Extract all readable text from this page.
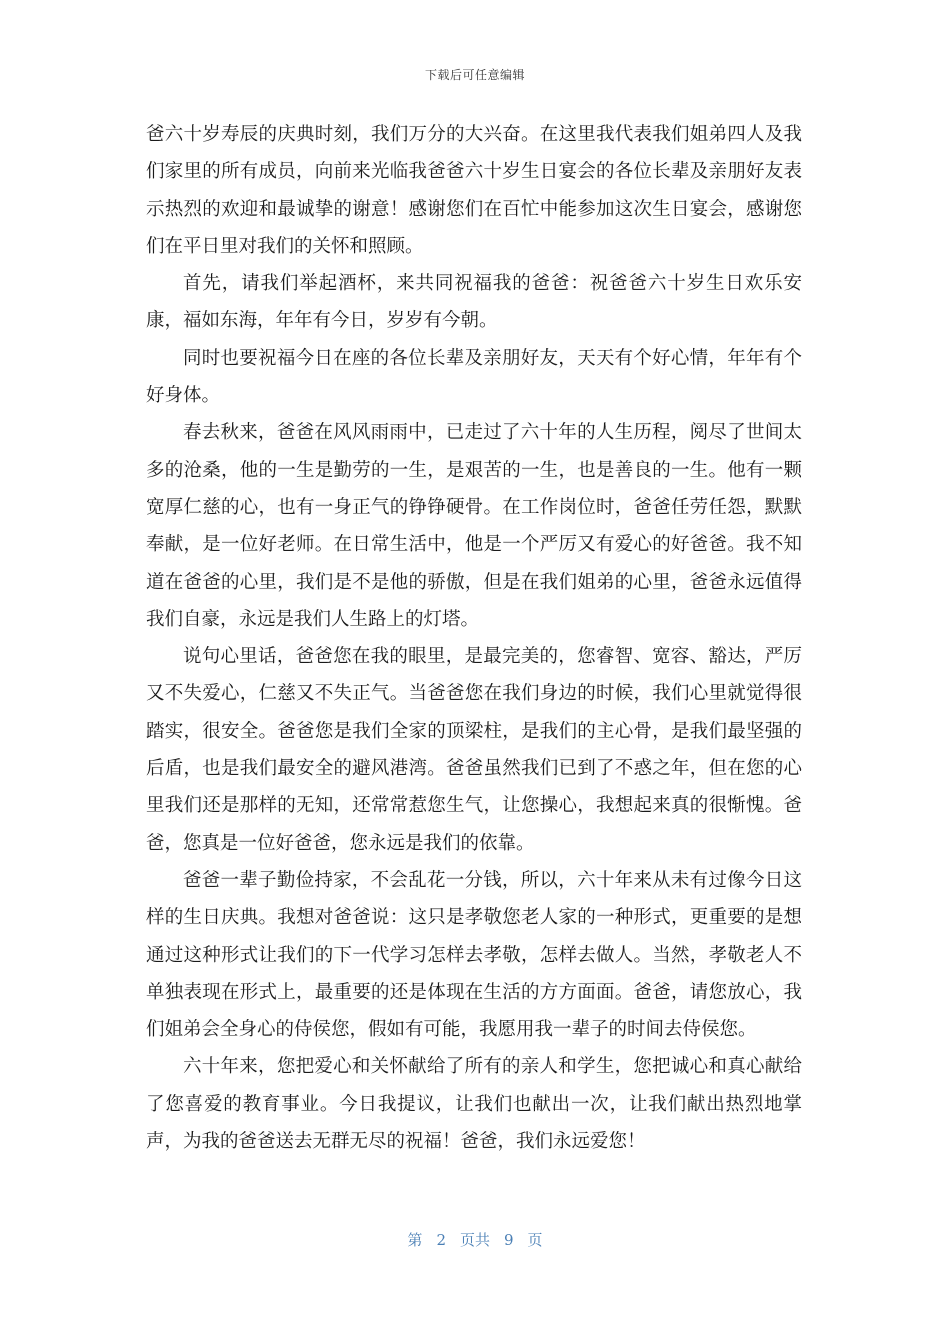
下载后可任意编辑

爸六十岁寿辰的庆典时刻，我们万分的大兴奋。在这里我代表我们姐弟四人及我们家里的所有成员，向前来光临我爸爸六十岁生日宴会的各位长辈及亲朋好友表示热烈的欢迎和最诚挚的谢意！感谢您们在百忙中能参加这次生日宴会，感谢您们在平日里对我们的关怀和照顾。

首先，请我们举起酒杯，来共同祝福我的爸爸：祝爸爸六十岁生日欢乐安康，福如东海，年年有今日，岁岁有今朝。

同时也要祝福今日在座的各位长辈及亲朋好友，天天有个好心情，年年有个好身体。

春去秋来，爸爸在风风雨雨中，已走过了六十年的人生历程，阅尽了世间太多的沧桑，他的一生是勤劳的一生，是艰苦的一生，也是善良的一生。他有一颗宽厚仁慈的心，也有一身正气的铮铮硬骨。在工作岗位时，爸爸任劳任怨，默默奉献，是一位好老师。在日常生活中，他是一个严厉又有爱心的好爸爸。我不知道在爸爸的心里，我们是不是他的骄傲，但是在我们姐弟的心里，爸爸永远值得我们自豪，永远是我们人生路上的灯塔。

说句心里话，爸爸您在我的眼里，是最完美的，您睿智、宽容、豁达，严厉又不失爱心，仁慈又不失正气。当爸爸您在我们身边的时候，我们心里就觉得很踏实，很安全。爸爸您是我们全家的顶梁柱，是我们的主心骨，是我们最坚强的后盾，也是我们最安全的避风港湾。爸爸虽然我们已到了不惑之年，但在您的心里我们还是那样的无知，还常常惹您生气，让您操心，我想起来真的很惭愧。爸爸，您真是一位好爸爸，您永远是我们的依靠。

爸爸一辈子勤俭持家，不会乱花一分钱，所以，六十年来从未有过像今日这样的生日庆典。我想对爸爸说：这只是孝敬您老人家的一种形式，更重要的是想通过这种形式让我们的下一代学习怎样去孝敬，怎样去做人。当然，孝敬老人不单独表现在形式上，最重要的还是体现在生活的方方面面。爸爸，请您放心，我们姐弟会全身心的侍侯您，假如有可能，我愿用我一辈子的时间去侍侯您。

六十年来，您把爱心和关怀献给了所有的亲人和学生，您把诚心和真心献给了您喜爱的教育事业。今日我提议，让我们也献出一次，让我们献出热烈地掌声，为我的爸爸送去无群无尽的祝福！爸爸，我们永远爱您！

第 2 页共 9 页
